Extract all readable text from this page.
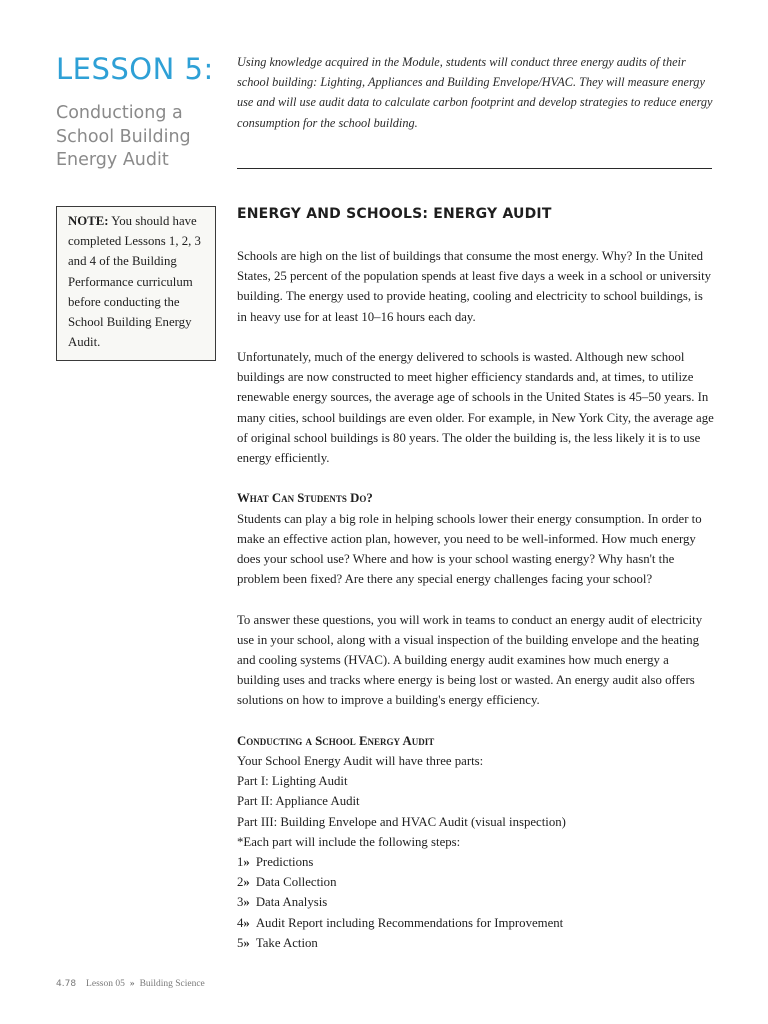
LESSON 5:
Conductiong a School Building Energy Audit

Using knowledge acquired in the Module, students will conduct three energy audits of their school building: Lighting, Appliances and Building Envelope/HVAC. They will measure energy use and will use audit data to calculate carbon footprint and develop strategies to reduce energy consumption for the school building.

NOTE: You should have completed Lessons 1, 2, 3 and 4 of the Building Performance curriculum before conducting the School Building Energy Audit.
ENERGY AND SCHOOLS: ENERGY AUDIT

Schools are high on the list of buildings that consume the most energy. Why? In the United States, 25 percent of the population spends at least five days a week in a school or university building. The energy used to provide heating, cooling and electricity to school buildings, is in heavy use for at least 10–16 hours each day.

Unfortunately, much of the energy delivered to schools is wasted. Although new school buildings are now constructed to meet higher efficiency standards and, at times, to utilize renewable energy sources, the average age of schools in the United States is 45–50 years. In many cities, school buildings are even older. For example, in New York City, the average age of original school buildings is 80 years. The older the building is, the less likely it is to use energy efficiently.

What Can Students Do?
Students can play a big role in helping schools lower their energy consumption. In order to make an effective action plan, however, you need to be well-informed. How much energy does your school use? Where and how is your school wasting energy? Why hasn't the problem been fixed? Are there any special energy challenges facing your school?

To answer these questions, you will work in teams to conduct an energy audit of electricity use in your school, along with a visual inspection of the building envelope and the heating and cooling systems (HVAC). A building energy audit examines how much energy a building uses and tracks where energy is being lost or wasted. An energy audit also offers solutions on how to improve a building's energy efficiency.

Conducting a School Energy Audit
Your School Energy Audit will have three parts:
Part I: Lighting Audit
Part II: Appliance Audit
Part III: Building Envelope and HVAC Audit (visual inspection)
*Each part will include the following steps:
1» Predictions
2» Data Collection
3» Data Analysis
4» Audit Report including Recommendations for Improvement
5» Take Action
4.78 Lesson 05 » Building Science
